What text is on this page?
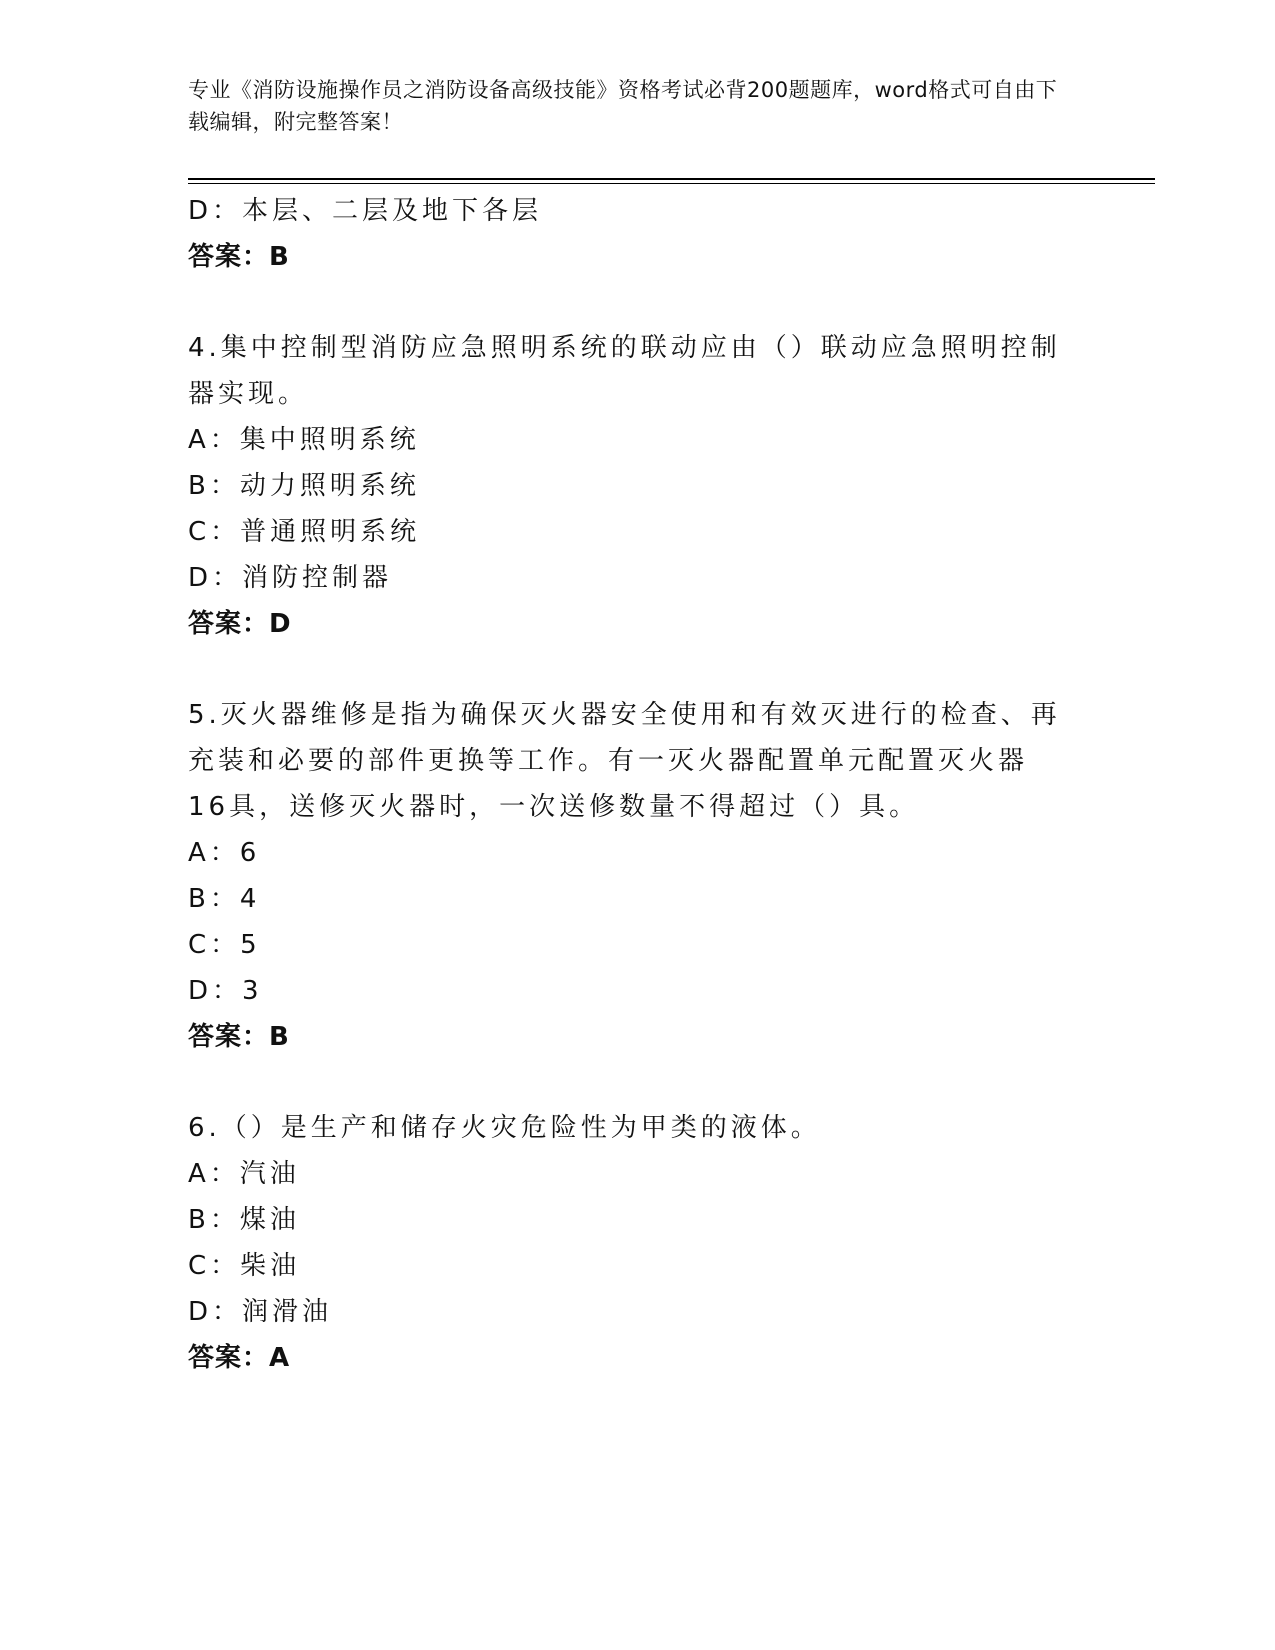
专业《消防设施操作员之消防设备高级技能》资格考试必背200题题库，word格式可自由下载编辑，附完整答案！
D：本层、二层及地下各层
答案：B
4.集中控制型消防应急照明系统的联动应由（）联动应急照明控制器实现。
A：集中照明系统
B：动力照明系统
C：普通照明系统
D：消防控制器
答案：D
5.灭火器维修是指为确保灭火器安全使用和有效灭进行的检查、再充装和必要的部件更换等工作。有一灭火器配置单元配置灭火器16具，送修灭火器时，一次送修数量不得超过（）具。
A：6
B：4
C：5
D：3
答案：B
6.（）是生产和储存火灾危险性为甲类的液体。
A：汽油
B：煤油
C：柴油
D：润滑油
答案：A
